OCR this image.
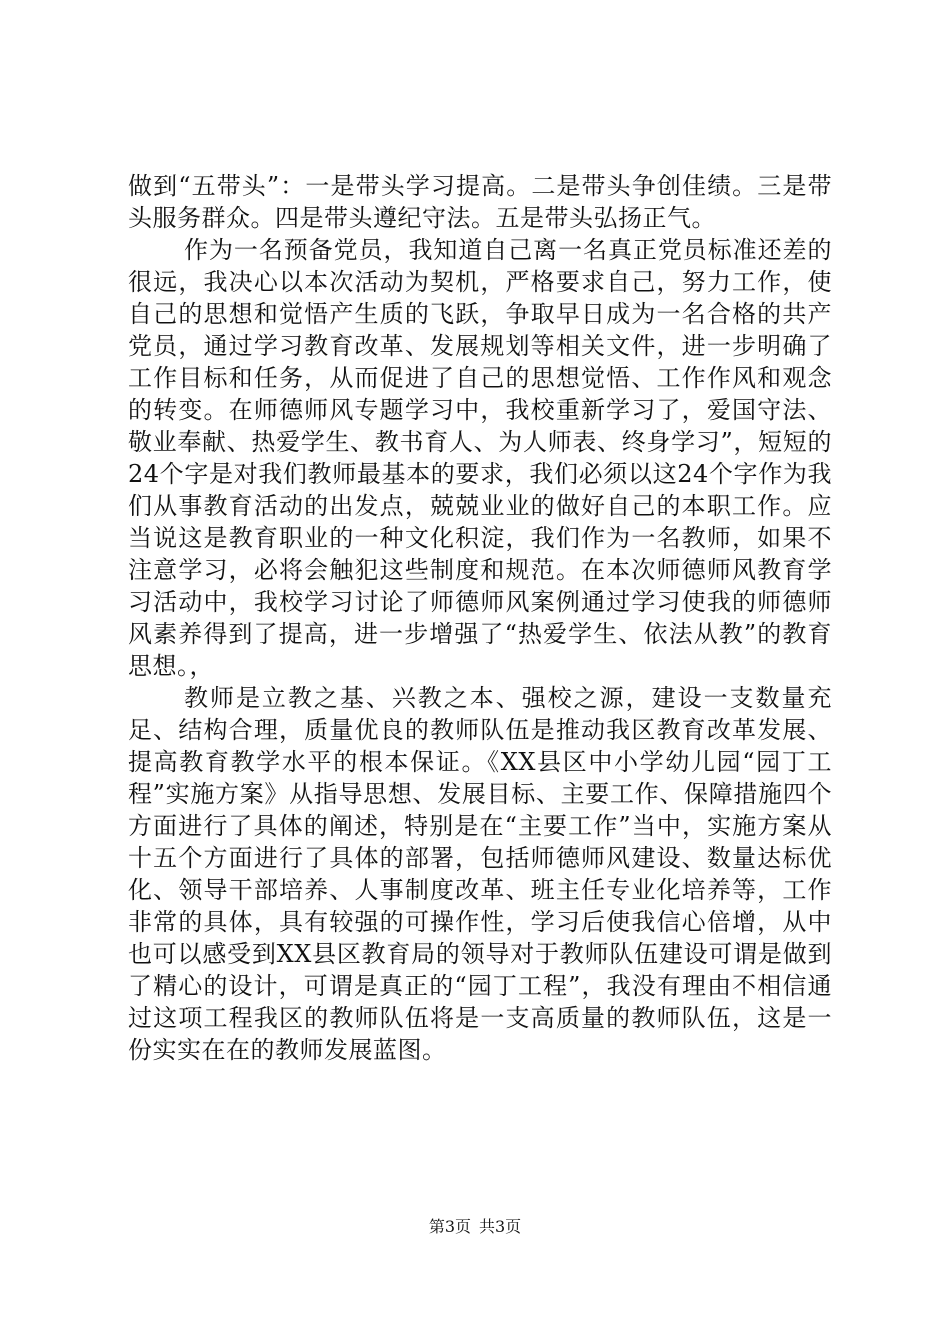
做到“五带头”：一是带头学习提高。二是带头争创佳绩。三是带头服务群众。四是带头遵纪守法。五是带头弘扬正气。

作为一名预备党员，我知道自己离一名真正党员标准还差的很远，我决心以本次活动为契机，严格要求自己，努力工作，使自己的思想和觉悟产生质的飞跃，争取早日成为一名合格的共产党员，通过学习教育改革、发展规划等相关文件，进一步明确了工作目标和任务，从而促进了自己的思想觉悟、工作作风和观念的转变。在师德师风专题学习中，我校重新学习了，爱国守法、敬业奉献、热爱学生、教书育人、为人师表、终身学习”，短短的24个字是对我们教师最基本的要求，我们必须以这24个字作为我们从事教育活动的出发点，兢兢业业的做好自己的本职工作。应当说这是教育职业的一种文化积淀，我们作为一名教师，如果不注意学习，必将会触犯这些制度和规范。在本次师德师风教育学习活动中，我校学习讨论了师德师风案例通过学习使我的师德师风素养得到了提高，进一步增强了“热爱学生、依法从教”的教育思想。，

教师是立教之基、兴教之本、强校之源，建设一支数量充足、结构合理，质量优良的教师队伍是推动我区教育改革发展、提高教育教学水平的根本保证。《XX县区中小学幼儿园“园丁工程”实施方案》从指导思想、发展目标、主要工作、保障措施四个方面进行了具体的阐述，特别是在“主要工作”当中，实施方案从十五个方面进行了具体的部署，包括师德师风建设、数量达标优化、领导干部培养、人事制度改革、班主任专业化培养等，工作非常的具体，具有较强的可操作性，学习后使我信心倍增，从中也可以感受到XX县区教育局的领导对于教师队伍建设可谓是做到了精心的设计，可谓是真正的“园丁工程”，我没有理由不相信通过这项工程我区的教师队伍将是一支高质量的教师队伍，这是一份实实在在的教师发展蓝图。

第3页 共3页
